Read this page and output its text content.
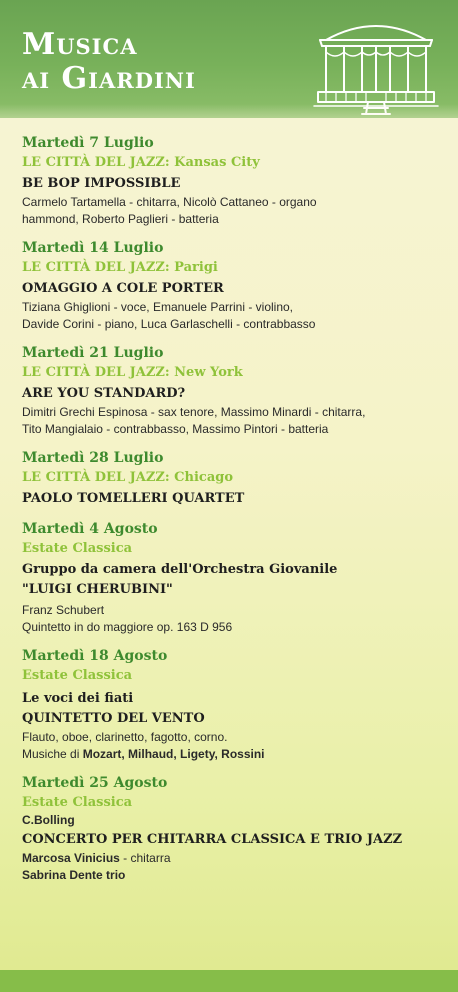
Musica
ai Giardini
Martedì 7 Luglio
LE CITTÀ DEL JAZZ: Kansas City
BE BOP IMPOSSIBLE
Carmelo Tartamella - chitarra, Nicolò Cattaneo - organo
hammond, Roberto Paglieri - batteria
Martedì 14 Luglio
LE CITTÀ DEL JAZZ: Parigi
OMAGGIO A COLE PORTER
Tiziana Ghiglioni - voce, Emanuele Parrini - violino,
Davide Corini - piano, Luca Garlaschelli - contrabbasso
Martedì 21 Luglio
LE CITTÀ DEL JAZZ: New York
ARE YOU STANDARD?
Dimitri Grechi Espinosa - sax tenore, Massimo Minardi - chitarra,
Tito Mangialaio - contrabbasso, Massimo Pintori - batteria
Martedì 28 Luglio
LE CITTÀ DEL JAZZ: Chicago
PAOLO TOMELLERI QUARTET
Martedì 4 Agosto
Estate Classica
Gruppo da camera dell'Orchestra Giovanile
"LUIGI CHERUBINI"
Franz Schubert
Quintetto in do maggiore op. 163 D 956
Martedì 18 Agosto
Estate Classica
Le voci dei fiati
QUINTETTO DEL VENTO
Flauto, oboe, clarinetto, fagotto, corno.
Musiche di Mozart, Milhaud, Ligety, Rossini
Martedì 25 Agosto
Estate Classica
C.Bolling
CONCERTO PER CHITARRA CLASSICA E TRIO JAZZ
Marcosa Vinicius - chitarra
Sabrina Dente trio
